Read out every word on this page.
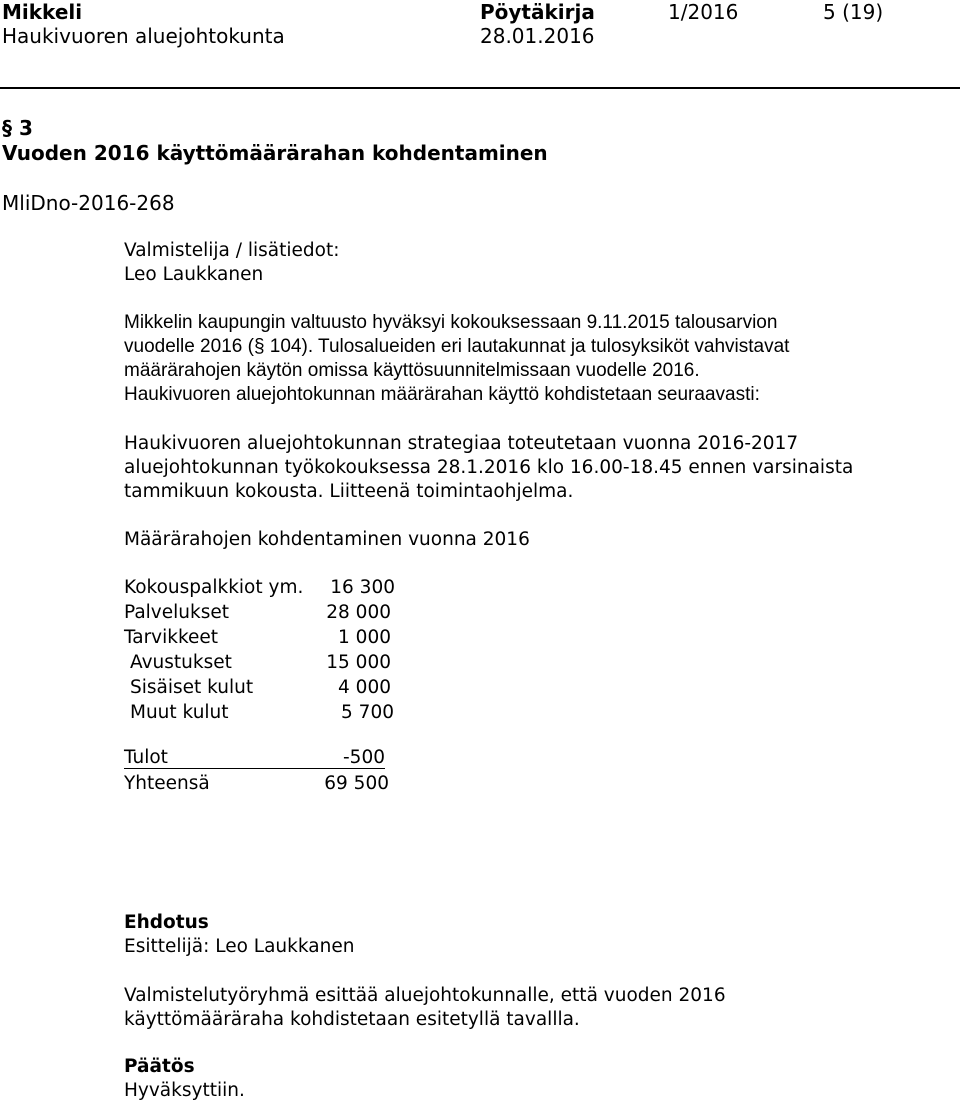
Mikkeli	Pöytäkirja	1/2016	5 (19)
Haukivuoren aluejohtokunta	28.01.2016
§ 3
Vuoden 2016 käyttömäärärahan kohdentaminen
MliDno-2016-268
Valmistelija / lisätiedot:
Leo Laukkanen
Mikkelin kaupungin valtuusto hyväksyi kokouksessaan 9.11.2015 talousarvion
vuodelle 2016 (§ 104). Tulosalueiden eri lautakunnat ja tulosyksiköt vahvistavat
määrärahojen käytön omissa käyttösuunnitelmissaan vuodelle 2016.
Haukivuoren aluejohtokunnan määrärahan käyttö kohdistetaan seuraavasti:
Haukivuoren aluejohtokunnan strategiaa toteutetaan vuonna 2016-2017
aluejohtokunnan työkokouksessa 28.1.2016 klo 16.00-18.45 ennen varsinaista
tammikuun kokousta. Liitteenä toimintaohjelma.
Määrärahojen kohdentaminen vuonna 2016
Kokouspalkkiot ym. 16 300
Palvelukset	28 000
Tarvikkeet	1 000
Avustukset	15 000
Sisäiset kulut	4 000
Muut kulut	5 700
Tulot	-500
Yhteensä	69 500
Ehdotus
Esittelijä: Leo Laukkanen
Valmistelutyöryhmä esittää aluejohtokunnalle, että vuoden 2016
käyttömääräraha kohdistetaan esitetyllä tavallla.
Päätös
Hyväksyttiin.
